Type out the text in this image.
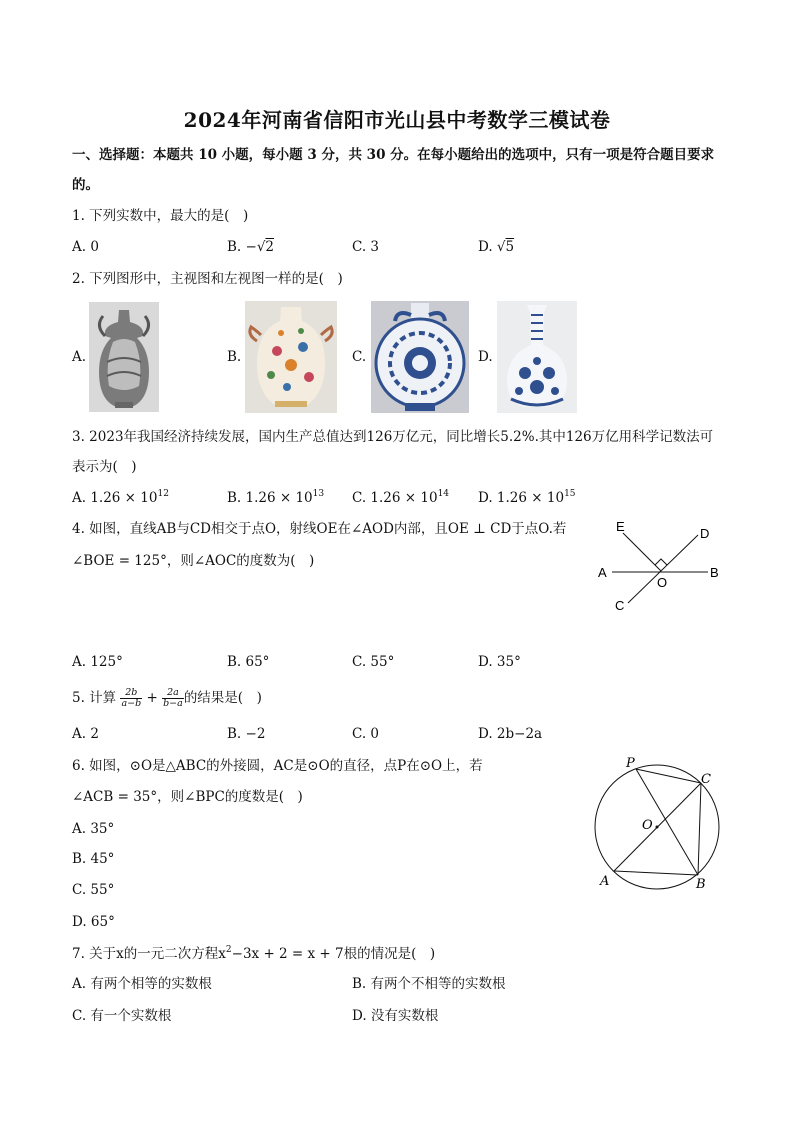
2024年河南省信阳市光山县中考数学三模试卷
一、选择题：本题共 10 小题，每小题 3 分，共 30 分。在每小题给出的选项中，只有一项是符合题目要求
的。
1. 下列实数中，最大的是(　)
A. 0	B. −√2	C. 3	D. √5
2. 下列图形中，主视图和左视图一样的是(　)
A.	B.	C.	D.
3. 2023年我国经济持续发展，国内生产总值达到126万亿元，同比增长5.2%.其中126万亿用科学记数法可
表示为(　)
A. $1.26 \times 10^{12}$	B. $1.26 \times 10^{13}$ C. $1.26 \times 10^{14}$ D. $1.26 \times 10^{15}$
4. 如图，直线AB与CD相交于点O，射线OE在∠AOD内部，且OE ⊥ CD于点O.若
∠BOE = 125°，则∠AOC的度数为(　)
E	D
A
O
B
C
A. 125°	B. 65°	C. 55°	D. 35°
5. 计算 $\frac{2b}{a-b} + \frac{2a}{b-a}$ 的结果是(　)
A. 2	B. −2	C. 0	D. 2b−2a
6. 如图，⊙O是△ABC的外接圆，AC是⊙O的直径，点P在⊙O上，若
∠ACB = 35°，则∠BPC的度数是(　)
A. 35°
B. 45°
C. 55°
D. 65°
P
C
O
A	B
7. 关于x的一元二次方程$x^2-3x + 2 = x + 7$根的情况是(　)
A. 有两个相等的实数根	B. 有两个不相等的实数根
C. 有一个实数根	D. 没有实数根
